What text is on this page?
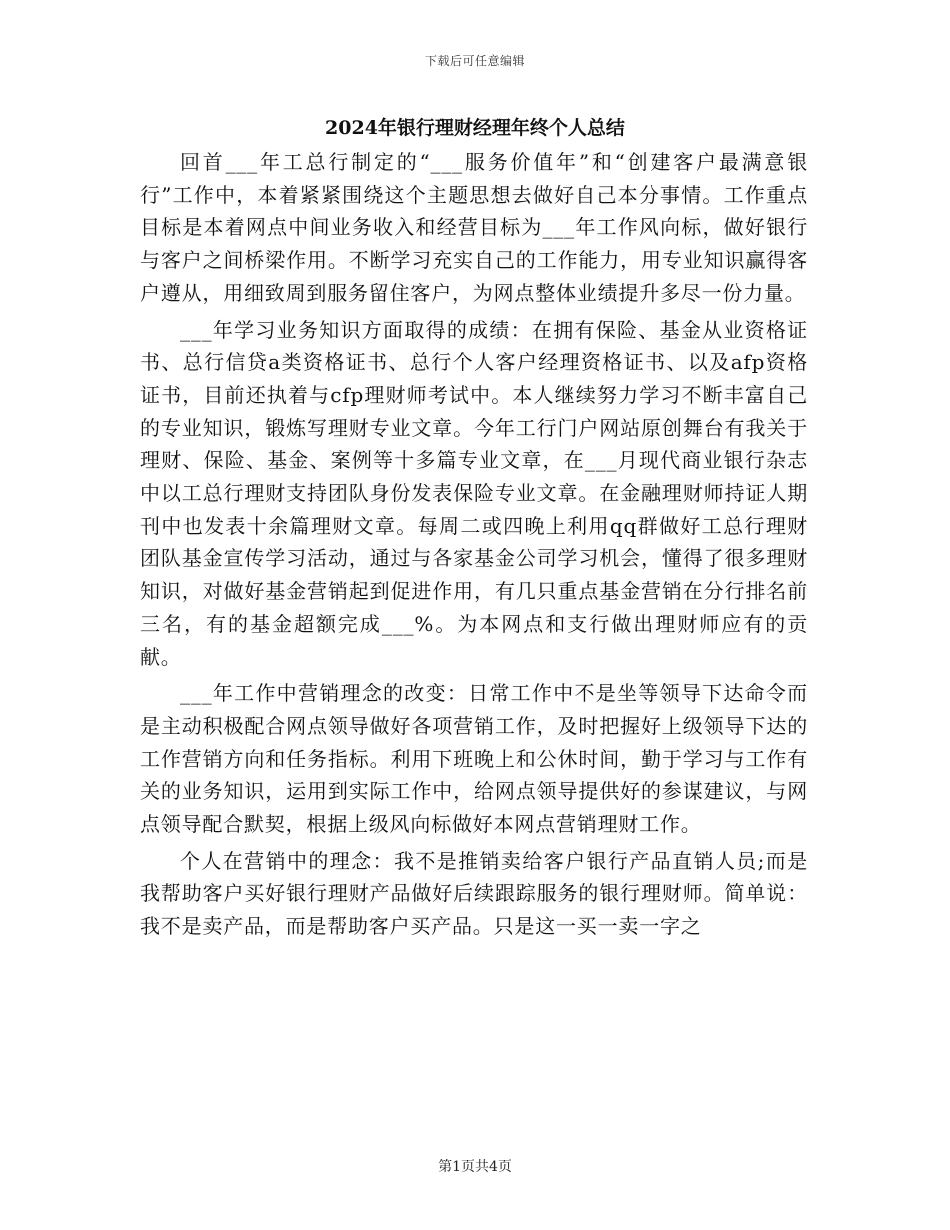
下载后可任意编辑
2024年银行理财经理年终个人总结

回首___年工总行制定的“___服务价值年”和“创建客户最满意银行”工作中，本着紧紧围绕这个主题思想去做好自己本分事情。工作重点目标是本着网点中间业务收入和经营目标为___年工作风向标，做好银行与客户之间桥梁作用。不断学习充实自己的工作能力，用专业知识赢得客户遵从，用细致周到服务留住客户，为网点整体业绩提升多尽一份力量。

___年学习业务知识方面取得的成绩：在拥有保险、基金从业资格证书、总行信贷a类资格证书、总行个人客户经理资格证书、以及afp资格证书，目前还执着与cfp理财师考试中。本人继续努力学习不断丰富自己的专业知识，锻炼写理财专业文章。今年工行门户网站原创舞台有我关于理财、保险、基金、案例等十多篇专业文章，在___月现代商业银行杂志中以工总行理财支持团队身份发表保险专业文章。在金融理财师持证人期刊中也发表十余篇理财文章。每周二或四晚上利用qq群做好工总行理财团队基金宣传学习活动，通过与各家基金公司学习机会，懂得了很多理财知识，对做好基金营销起到促进作用，有几只重点基金营销在分行排名前三名，有的基金超额完成___%。为本网点和支行做出理财师应有的贡献。

___年工作中营销理念的改变：日常工作中不是坐等领导下达命令而是主动积极配合网点领导做好各项营销工作，及时把握好上级领导下达的工作营销方向和任务指标。利用下班晚上和公休时间，勤于学习与工作有关的业务知识，运用到实际工作中，给网点领导提供好的参谋建议，与网点领导配合默契，根据上级风向标做好本网点营销理财工作。

个人在营销中的理念：我不是推销卖给客户银行产品直销人员;而是我帮助客户买好银行理财产品做好后续跟踪服务的银行理财师。简单说：我不是卖产品，而是帮助客户买产品。只是这一买一卖一字之

第1页共4页
